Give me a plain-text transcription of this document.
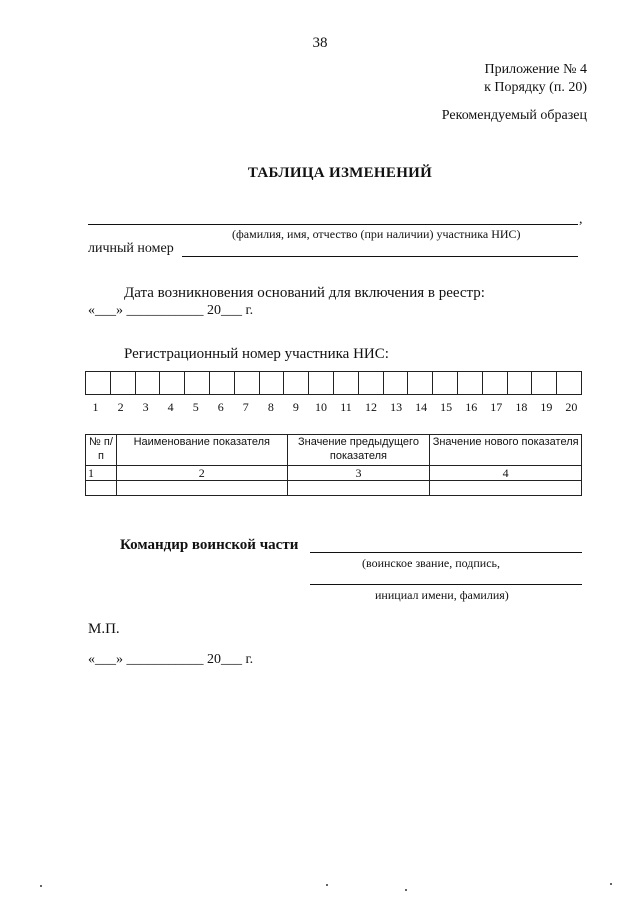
38
Приложение № 4
к Порядку (п. 20)
Рекомендуемый образец
ТАБЛИЦА ИЗМЕНЕНИЙ
,
(фамилия, имя, отчество (при наличии) участника НИС)
личный номер
Дата возникновения оснований для включения в реестр:
«___» ___________ 20___ г.
Регистрационный номер участника НИС:
1	2	3	4	5	6	7	8	9	10	11	12	13	14	15	16	17	18	19	20
№ п/п	Наименование показателя	Значение предыдущего показателя	Значение нового показателя
1	2	3	4

Командир воинской части
(воинское звание, подпись,
инициал имени, фамилия)
М.П.
«___» ___________ 20___ г.
